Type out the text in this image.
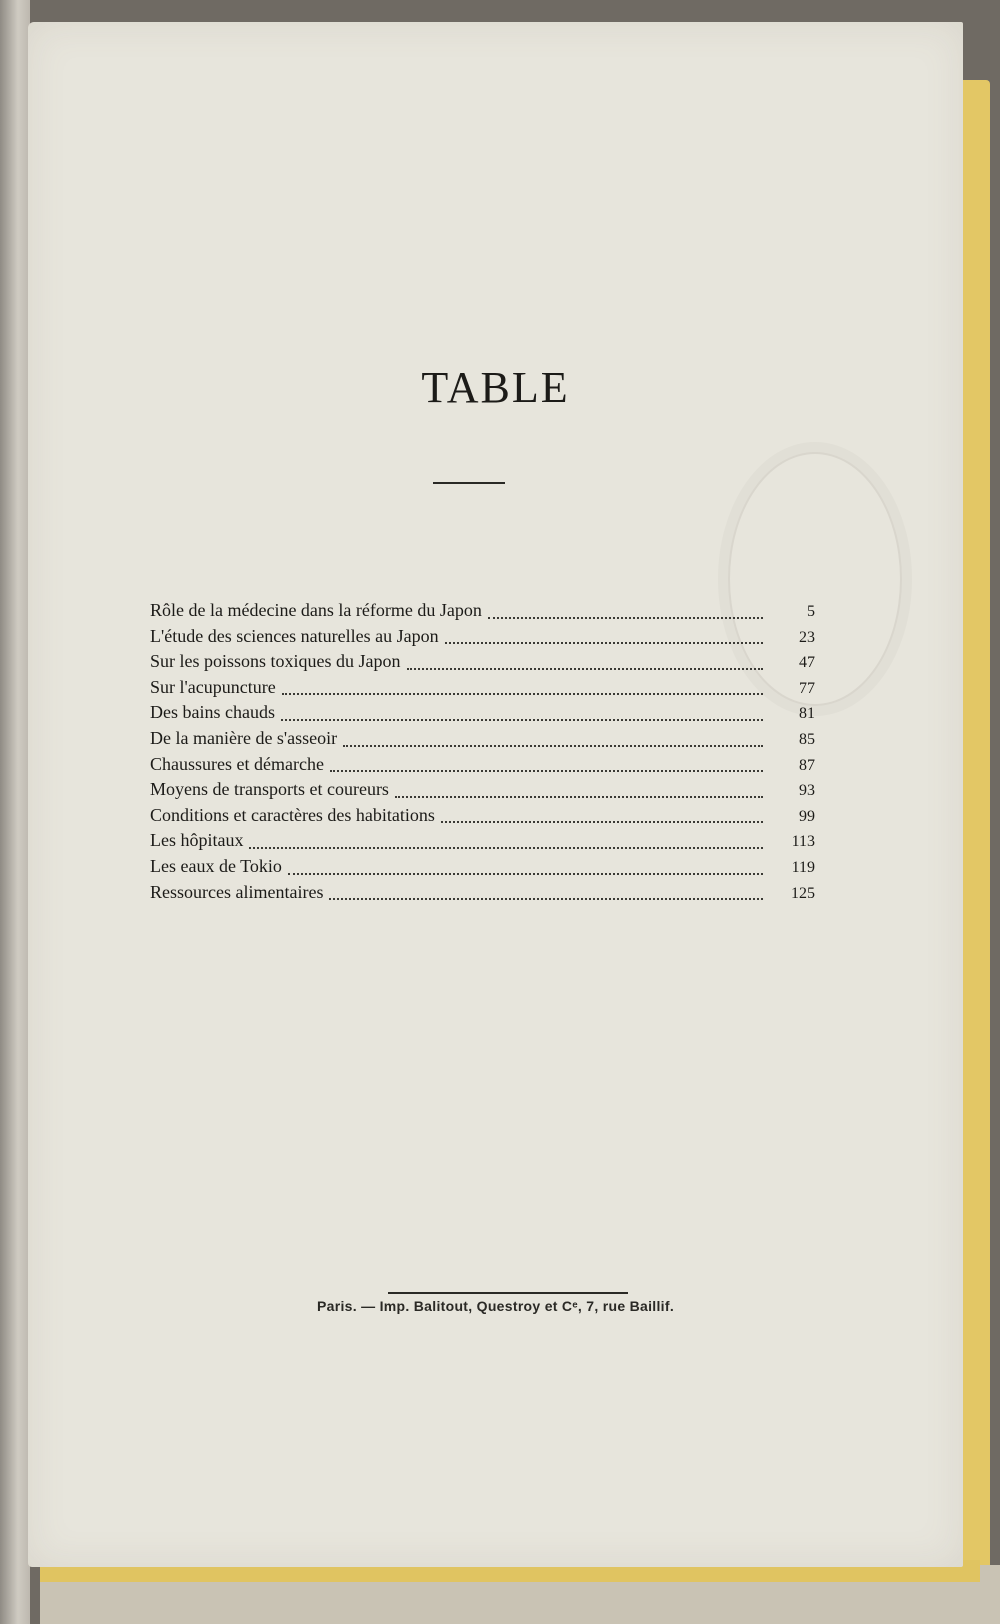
TABLE
Rôle de la médecine dans la réforme du Japon	5
L'étude des sciences naturelles au Japon	23
Sur les poissons toxiques du Japon	47
Sur l'acupuncture	77
Des bains chauds	81
De la manière de s'asseoir	85
Chaussures et démarche	87
Moyens de transports et coureurs	93
Conditions et caractères des habitations	99
Les hôpitaux	113
Les eaux de Tokio	119
Ressources alimentaires	125

Paris. — Imp. Balitout, Questroy et Cᵉ, 7, rue Baillif.
